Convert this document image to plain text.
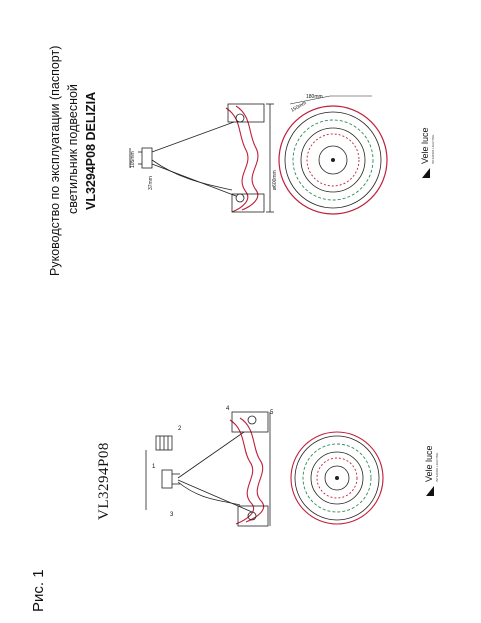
Рис. 1
VL3294P08
Руководство по эксплуатации (паспорт) светильник подвесной VL3294P08 DELIZIA
1
2
3
4
5
Vele luce INTERIOR LIGHTING
ø600mm
105mm
37mm
180mm
150mm
Vele luce INTERIOR LIGHTING
